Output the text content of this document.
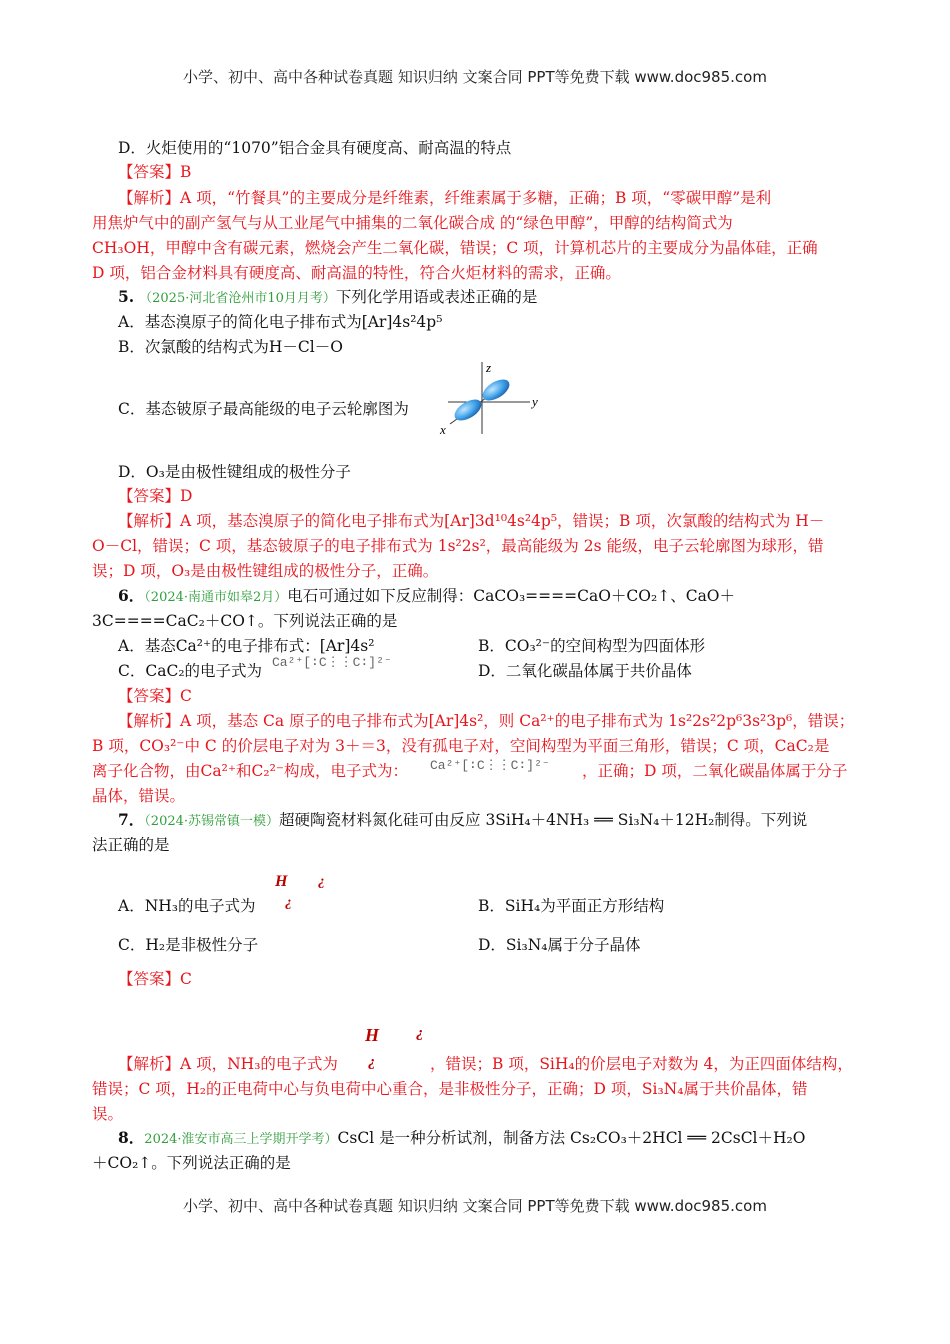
小学、初中、高中各种试卷真题 知识归纳 文案合同 PPT等免费下载 www.doc985.com
D．火炬使用的“1070”铝合金具有硬度高、耐高温的特点
【答案】B
【解析】A 项，“竹餐具”的主要成分是纤维素，纤维素属于多糖，正确；B 项，“零碳甲醇”是利
用焦炉气中的副产氢气与从工业尾气中捕集的二氧化碳合成 的“绿色甲醇”，甲醇的结构简式为
CH₃OH，甲醇中含有碳元素，燃烧会产生二氧化碳，错误；C 项，计算机芯片的主要成分为晶体硅，正确
D 项，铝合金材料具有硬度高、耐高温的特性，符合火炬材料的需求，正确。
5. （2025·河北省沧州市10月月考）下列化学用语或表述正确的是
A．基态溴原子的简化电子排布式为[Ar]4s²4p⁵
B．次氯酸的结构式为H－Cl－O
C．基态铍原子最高能级的电子云轮廓图为
z
y
x
D．O₃是由极性键组成的极性分子
【答案】D
【解析】A 项，基态溴原子的简化电子排布式为[Ar]3d¹⁰4s²4p⁵，错误；B 项，次氯酸的结构式为 H－
O－Cl，错误；C 项，基态铍原子的电子排布式为 1s²2s²，最高能级为 2s 能级，电子云轮廓图为球形，错
误；D 项，O₃是由极性键组成的极性分子，正确。
6．（2024·南通市如皋2月）电石可通过如下反应制得：CaCO₃====CaO＋CO₂↑、CaO＋
3C====CaC₂＋CO↑。下列说法正确的是
A．基态Ca²⁺的电子排布式：[Ar]4s²	B．CO₃²⁻的空间构型为四面体形
C．CaC₂的电子式为 Ca²⁺[∶C⋮⋮C∶]²⁻	D．二氧化碳晶体属于共价晶体
【答案】C
【解析】A 项，基态 Ca 原子的电子排布式为[Ar]4s²，则 Ca²⁺的电子排布式为 1s²2s²2p⁶3s²3p⁶，错误；
B 项，CO₃²⁻中 C 的价层电子对为 3＋＝3，没有孤电子对，空间构型为平面三角形，错误；C 项，CaC₂是
离子化合物，由Ca²⁺和C₂²⁻构成，电子式为： Ca²⁺[∶C⋮⋮C∶]²⁻ ，正确；D 项，二氧化碳晶体属于分子
晶体，错误。
7．（2024·苏锡常镇一模）超硬陶瓷材料氮化硅可由反应 3SiH₄＋4NH₃ ══ Si₃N₄＋12H₂制得。下列说
法正确的是
H ¿
¿
A．NH₃的电子式为	B．SiH₄为平面正方形结构
C．H₂是非极性分子	D．Si₃N₄属于分子晶体
【答案】C
H ¿
¿
【解析】A 项，NH₃的电子式为	，错误；B 项，SiH₄的价层电子对数为 4，为正四面体结构，
错误；C 项，H₂的正电荷中心与负电荷中心重合，是非极性分子，正确；D 项，Si₃N₄属于共价晶体，错
误。
8．2024·淮安市高三上学期开学考）CsCl 是一种分析试剂，制备方法 Cs₂CO₃＋2HCl ══ 2CsCl＋H₂O
＋CO₂↑。下列说法正确的是
小学、初中、高中各种试卷真题 知识归纳 文案合同 PPT等免费下载 www.doc985.com
